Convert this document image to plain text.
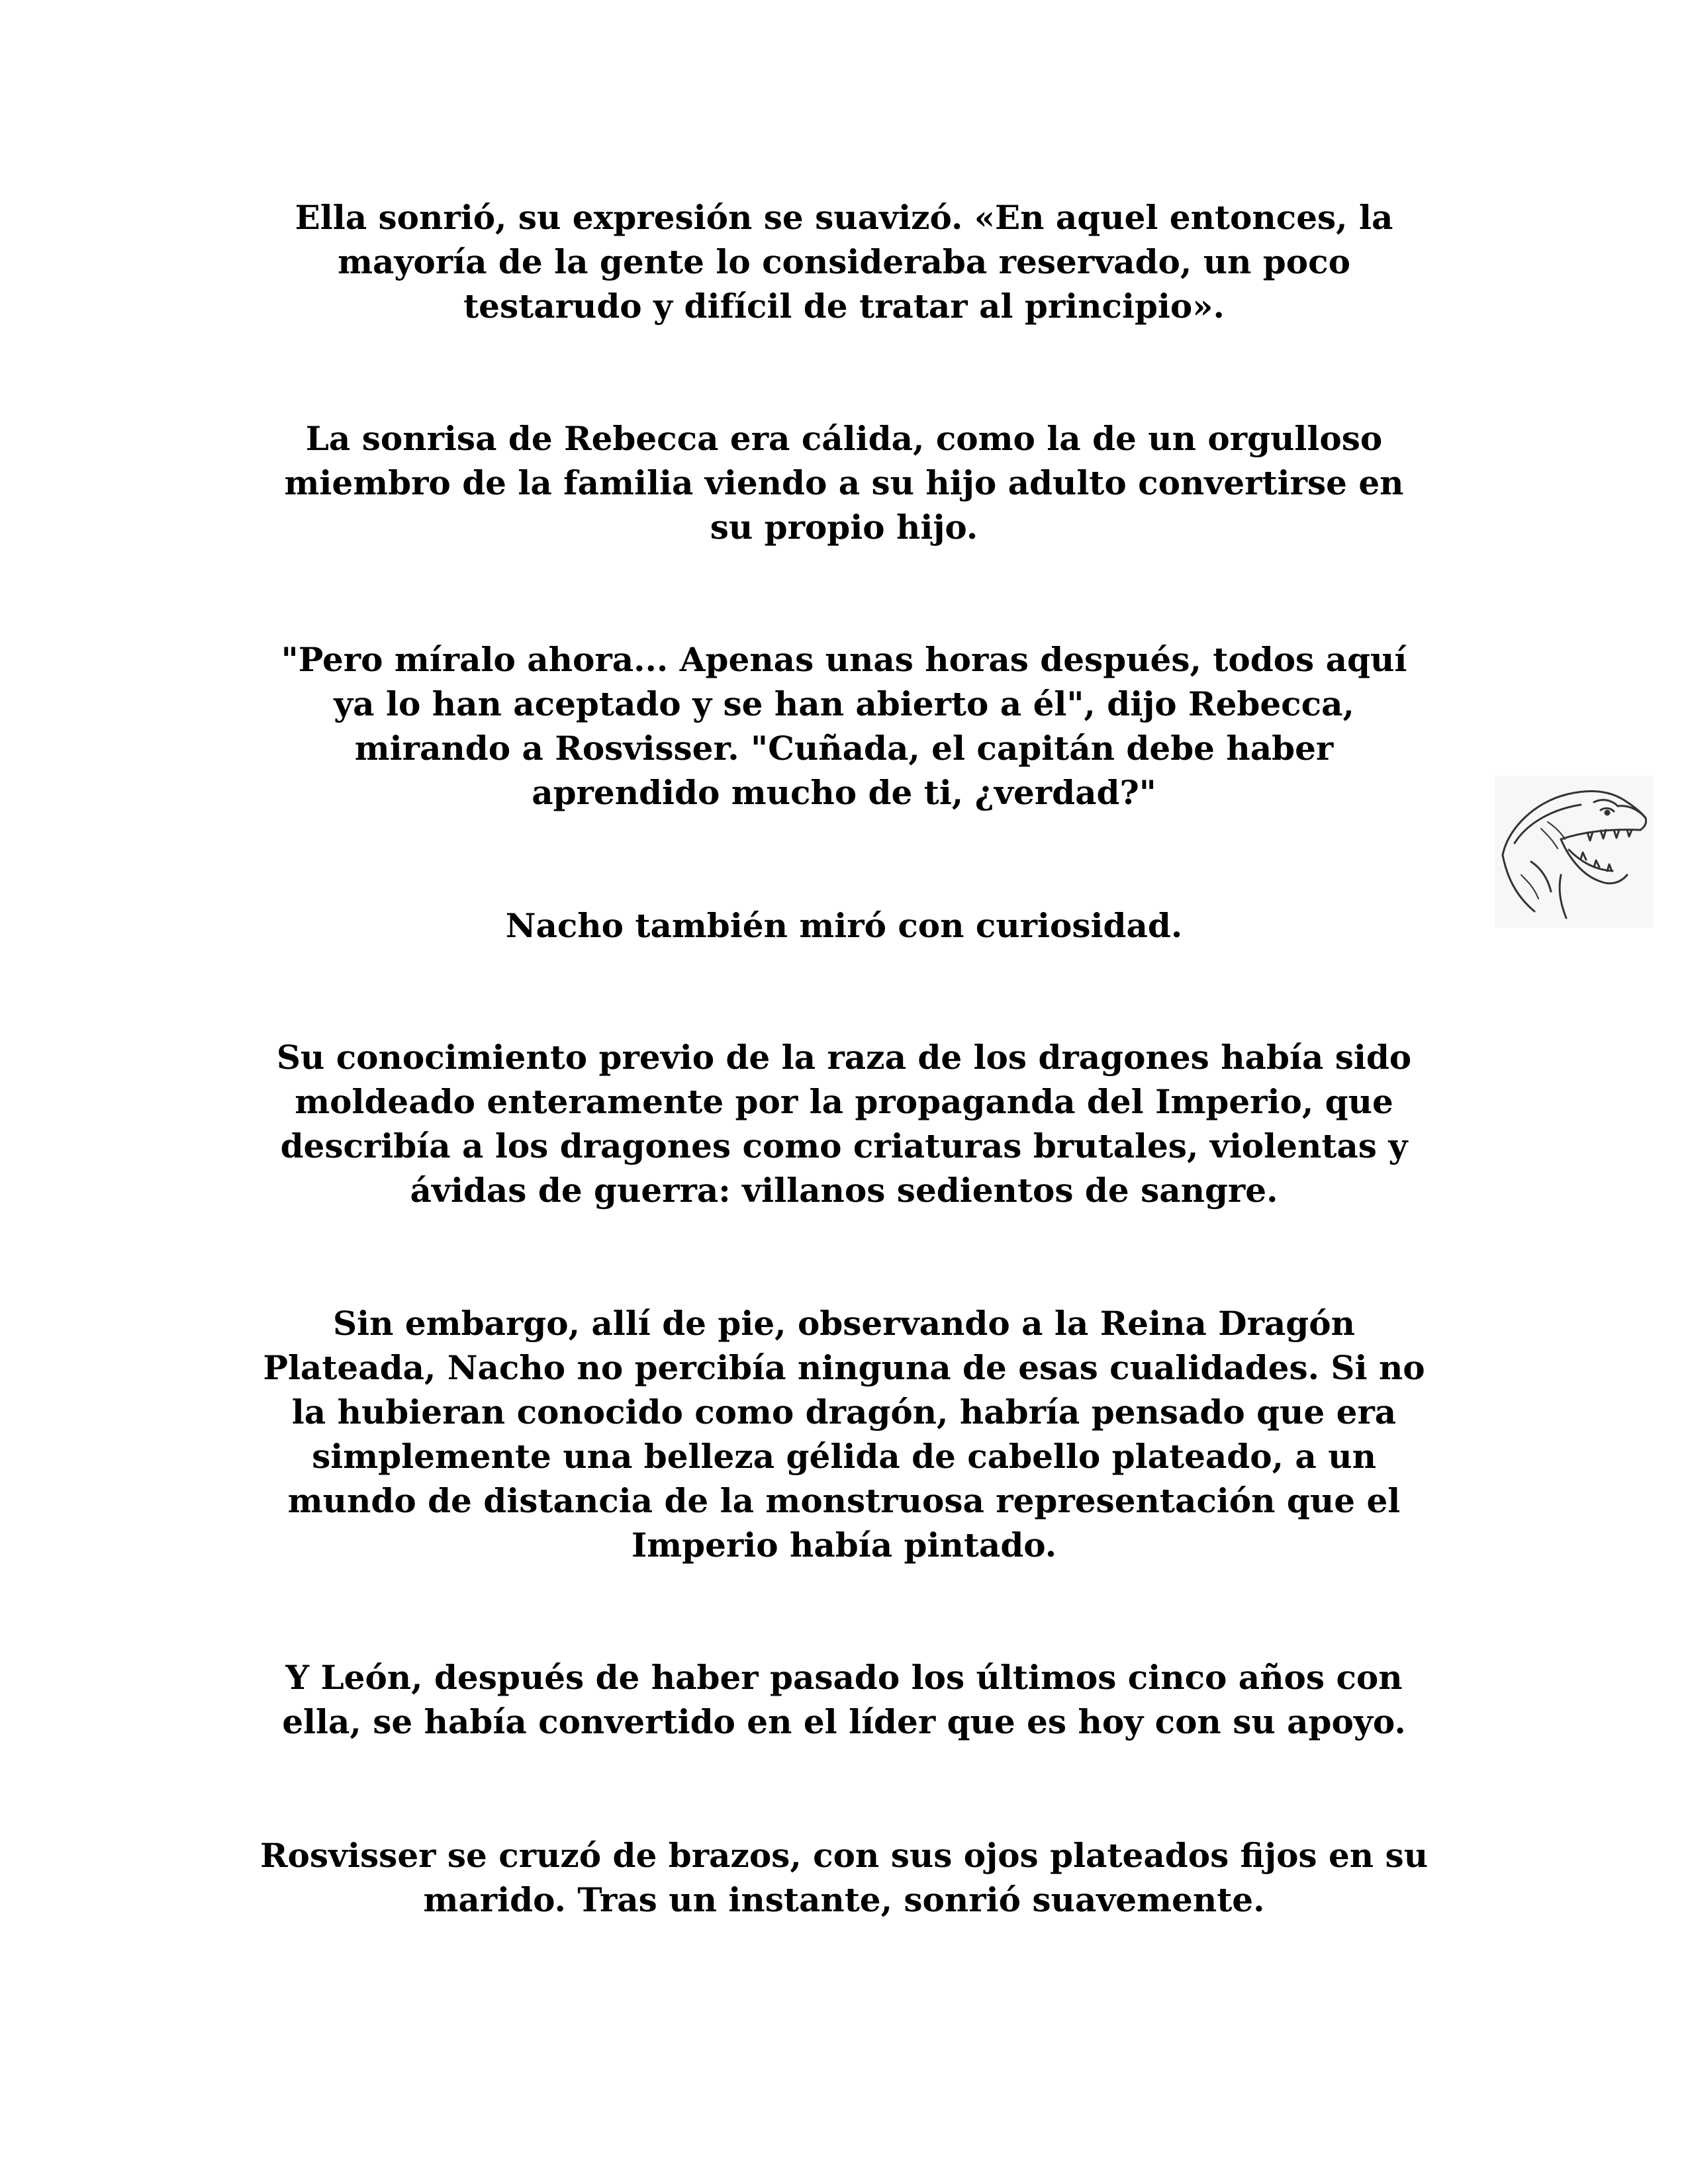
Ella sonrió, su expresión se suavizó. «En aquel entonces, la
mayoría de la gente lo consideraba reservado, un poco
testarudo y difícil de tratar al principio».

La sonrisa de Rebecca era cálida, como la de un orgulloso
miembro de la familia viendo a su hijo adulto convertirse en
su propio hijo.

"Pero míralo ahora... Apenas unas horas después, todos aquí
ya lo han aceptado y se han abierto a él", dijo Rebecca,
mirando a Rosvisser. "Cuñada, el capitán debe haber
aprendido mucho de ti, ¿verdad?"

Nacho también miró con curiosidad.

Su conocimiento previo de la raza de los dragones había sido
moldeado enteramente por la propaganda del Imperio, que
describía a los dragones como criaturas brutales, violentas y
ávidas de guerra: villanos sedientos de sangre.

Sin embargo, allí de pie, observando a la Reina Dragón
Plateada, Nacho no percibía ninguna de esas cualidades. Si no
la hubieran conocido como dragón, habría pensado que era
simplemente una belleza gélida de cabello plateado, a un
mundo de distancia de la monstruosa representación que el
Imperio había pintado.

Y León, después de haber pasado los últimos cinco años con
ella, se había convertido en el líder que es hoy con su apoyo.

Rosvisser se cruzó de brazos, con sus ojos plateados fijos en su
marido. Tras un instante, sonrió suavemente.
